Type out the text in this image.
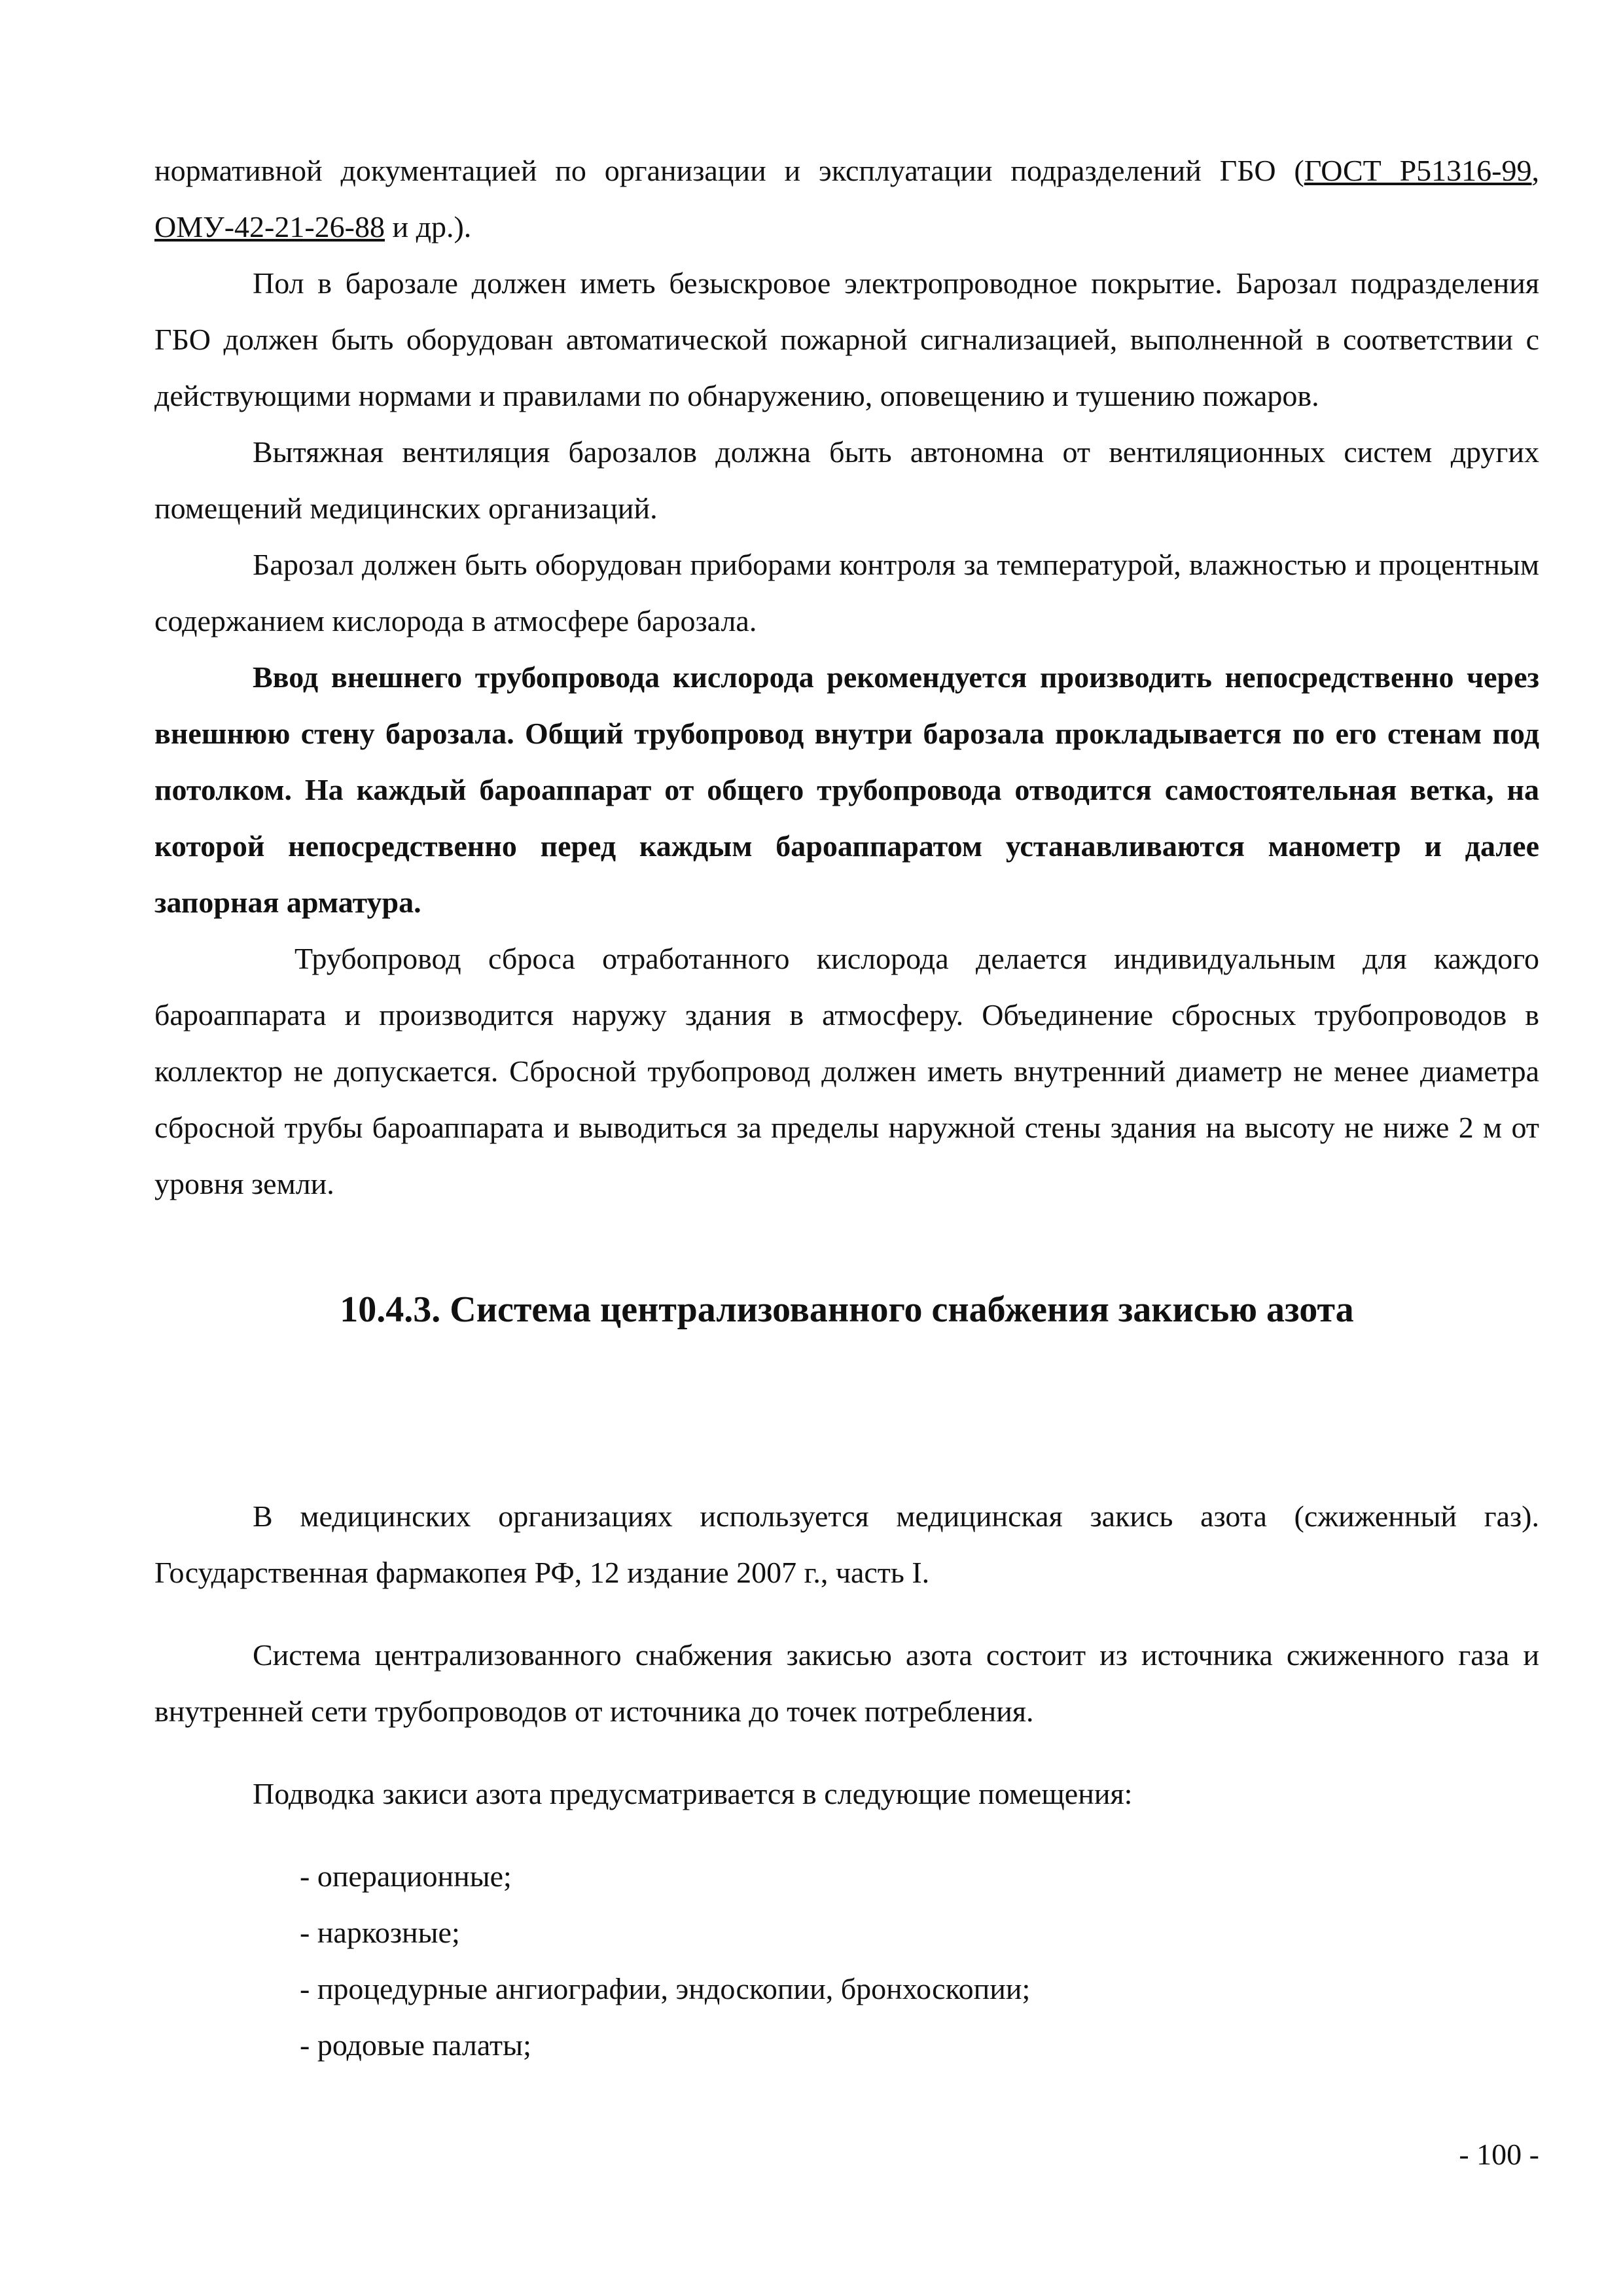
нормативной документацией по организации и эксплуатации подразделений ГБО (ГОСТ Р51316-99, ОМУ-42-21-26-88 и др.).

Пол в барозале должен иметь безыскровое электропроводное покрытие. Барозал подразделения ГБО должен быть оборудован автоматической пожарной сигнализацией, выполненной в соответствии с действующими нормами и правилами по обнаружению, оповещению и тушению пожаров.

Вытяжная вентиляция барозалов должна быть автономна от вентиляционных систем других помещений медицинских организаций.

Барозал должен быть оборудован приборами контроля за температурой, влажностью и процентным содержанием кислорода в атмосфере барозала.

Ввод внешнего трубопровода кислорода рекомендуется производить непосредственно через внешнюю стену барозала. Общий трубопровод внутри барозала прокладывается по его стенам под потолком. На каждый бароаппарат от общего трубопровода отводится самостоятельная ветка, на которой непосредственно перед каждым бароаппаратом устанавливаются манометр и далее запорная арматура.

Трубопровод сброса отработанного кислорода делается индивидуальным для каждого бароаппарата и производится наружу здания в атмосферу. Объединение сбросных трубопроводов в коллектор не допускается. Сбросной трубопровод должен иметь внутренний диаметр не менее диаметра сбросной трубы бароаппарата и выводиться за пределы наружной стены здания на высоту не ниже 2 м от уровня земли.

10.4.3. Система централизованного снабжения закисью азота

В медицинских организациях используется медицинская закись азота (сжиженный газ). Государственная фармакопея РФ, 12 издание 2007 г., часть I.

Система централизованного снабжения закисью азота состоит из источника сжиженного газа и внутренней сети трубопроводов от источника до точек потребления.

Подводка закиси азота предусматривается в следующие помещения:

- операционные;
- наркозные;
- процедурные ангиографии, эндоскопии, бронхоскопии;
- родовые палаты;
- 100 -
